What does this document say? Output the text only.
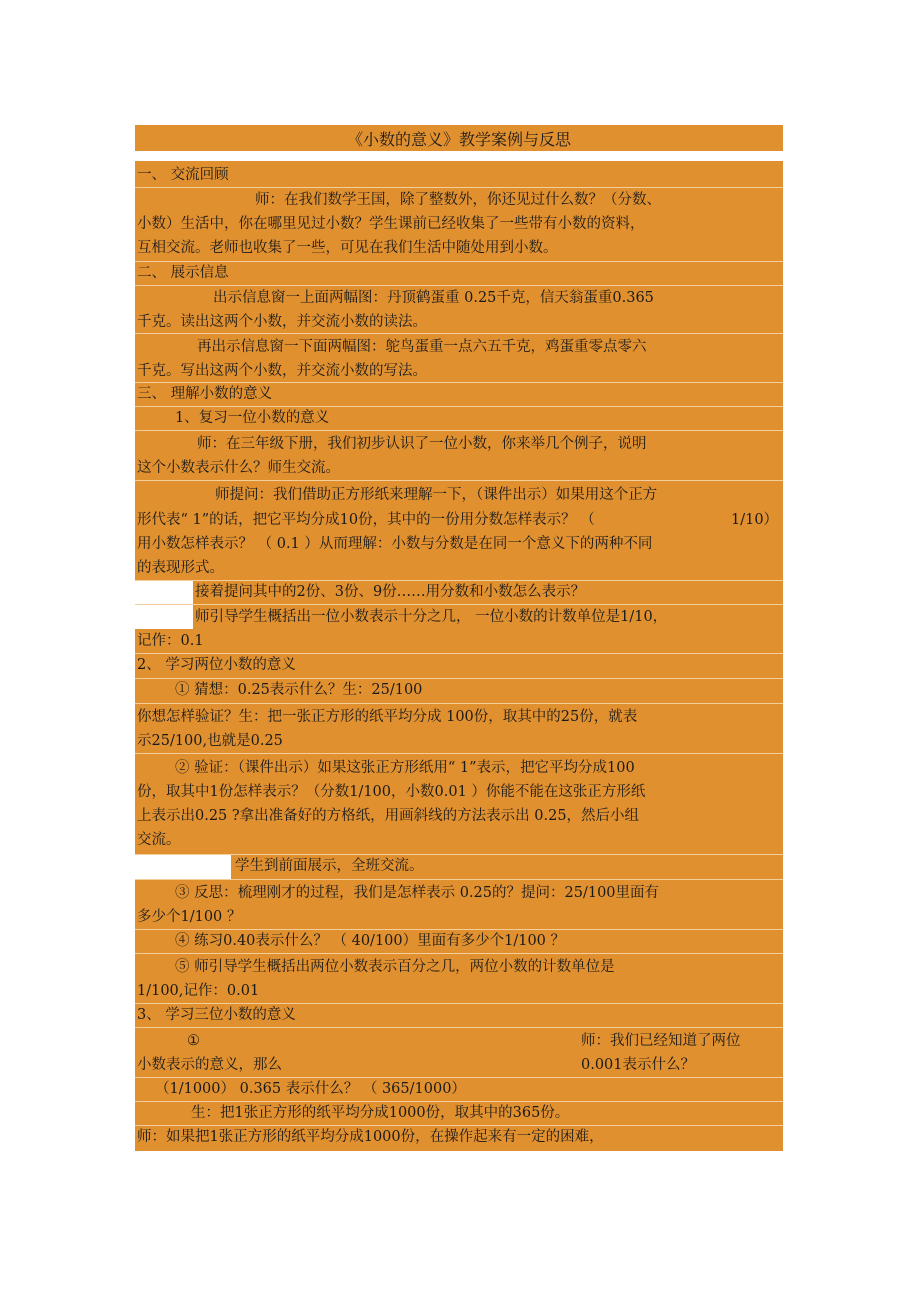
《小数的意义》教学案例与反思
一、 交流回顾
师：在我们数学王国，除了整数外，你还见过什么数？（分数、
小数）生活中，你在哪里见过小数？学生课前已经收集了一些带有小数的资料，
互相交流。老师也收集了一些，可见在我们生活中随处用到小数。
二、 展示信息
出示信息窗一上面两幅图：丹顶鹤蛋重 0.25千克，信天翁蛋重0.365
千克。读出这两个小数，并交流小数的读法。
再出示信息窗一下面两幅图：鸵鸟蛋重一点六五千克，鸡蛋重零点零六
千克。写出这两个小数，并交流小数的写法。
三、 理解小数的意义
1、复习一位小数的意义
师：在三年级下册，我们初步认识了一位小数，你来举几个例子，说明
这个小数表示什么？师生交流。
师提问：我们借助正方形纸来理解一下，（课件出示）如果用这个正方
形代表“ 1”的话，把它平均分成10份，其中的一份用分数怎样表示？ （	1/10）
用小数怎样表示？ （ 0.1 ）从而理解：小数与分数是在同一个意义下的两种不同
的表现形式。
接着提问其中的2份、3份、9份……用分数和小数怎么表示？
师引导学生概括出一位小数表示十分之几， 一位小数的计数单位是1/10，
记作：0.1
2、 学习两位小数的意义
① 猜想：0.25表示什么？生：25/100
你想怎样验证？生：把一张正方形的纸平均分成 100份，取其中的25份，就表
示25/100,也就是0.25
② 验证：（课件出示）如果这张正方形纸用“ 1”表示，把它平均分成100
份，取其中1份怎样表示？（分数1/100，小数0.01 ）你能不能在这张正方形纸
上表示出0.25 ?拿出准备好的方格纸，用画斜线的方法表示出 0.25，然后小组
交流。
学生到前面展示，全班交流。
③ 反思：梳理刚才的过程，我们是怎样表示 0.25的？提问：25/100里面有
多少个1/100 ？
④ 练习0.40表示什么？ （ 40/100）里面有多少个1/100 ？
⑤ 师引导学生概括出两位小数表示百分之几，两位小数的计数单位是
1/100,记作：0.01
3、 学习三位小数的意义
①	师：我们已经知道了两位
小数表示的意义，那么	0.001表示什么？
（1/1000） 0.365 表示什么？ （ 365/1000）
生：把1张正方形的纸平均分成1000份，取其中的365份。
师：如果把1张正方形的纸平均分成1000份，在操作起来有一定的困难，
